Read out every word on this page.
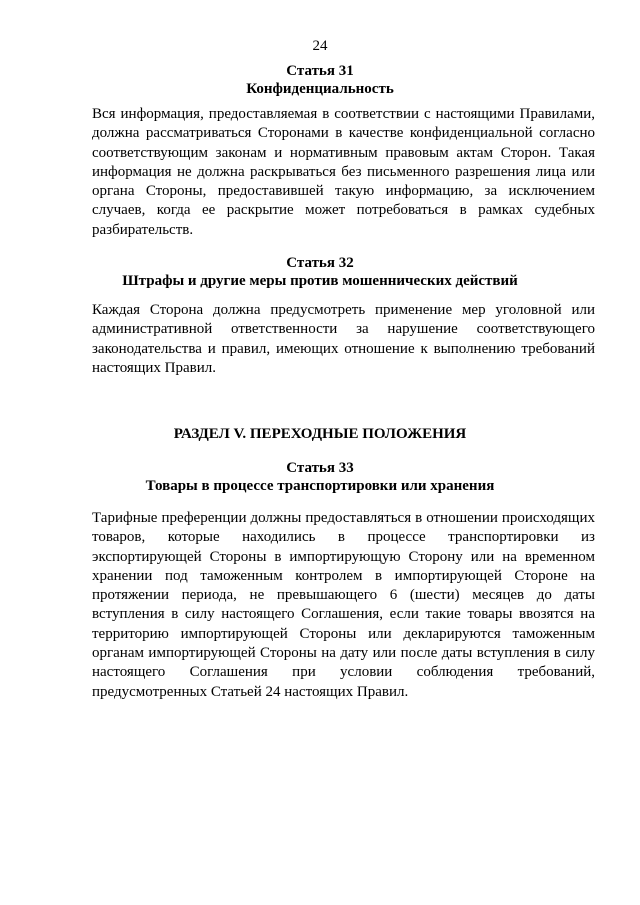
24
Статья 31
Конфиденциальность
Вся информация, предоставляемая в соответствии с настоящими Правилами, должна рассматриваться Сторонами в качестве конфиденциальной согласно соответствующим законам и нормативным правовым актам Сторон. Такая информация не должна раскрываться без письменного разрешения лица или органа Стороны, предоставившей такую информацию, за исключением случаев, когда ее раскрытие может потребоваться в рамках судебных разбирательств.
Статья 32
Штрафы и другие меры против мошеннических действий
Каждая Сторона должна предусмотреть применение мер уголовной или административной ответственности за нарушение соответствующего законодательства и правил, имеющих отношение к выполнению требований настоящих Правил.
РАЗДЕЛ V. ПЕРЕХОДНЫЕ ПОЛОЖЕНИЯ
Статья 33
Товары в процессе транспортировки или хранения
Тарифные преференции должны предоставляться в отношении происходящих товаров, которые находились в процессе транспортировки из экспортирующей Стороны в импортирующую Сторону или на временном хранении под таможенным контролем в импортирующей Стороне на протяжении периода, не превышающего 6 (шести) месяцев до даты вступления в силу настоящего Соглашения, если такие товары ввозятся на территорию импортирующей Стороны или декларируются таможенным органам импортирующей Стороны на дату или после даты вступления в силу настоящего Соглашения при условии соблюдения требований, предусмотренных Статьей 24 настоящих Правил.
